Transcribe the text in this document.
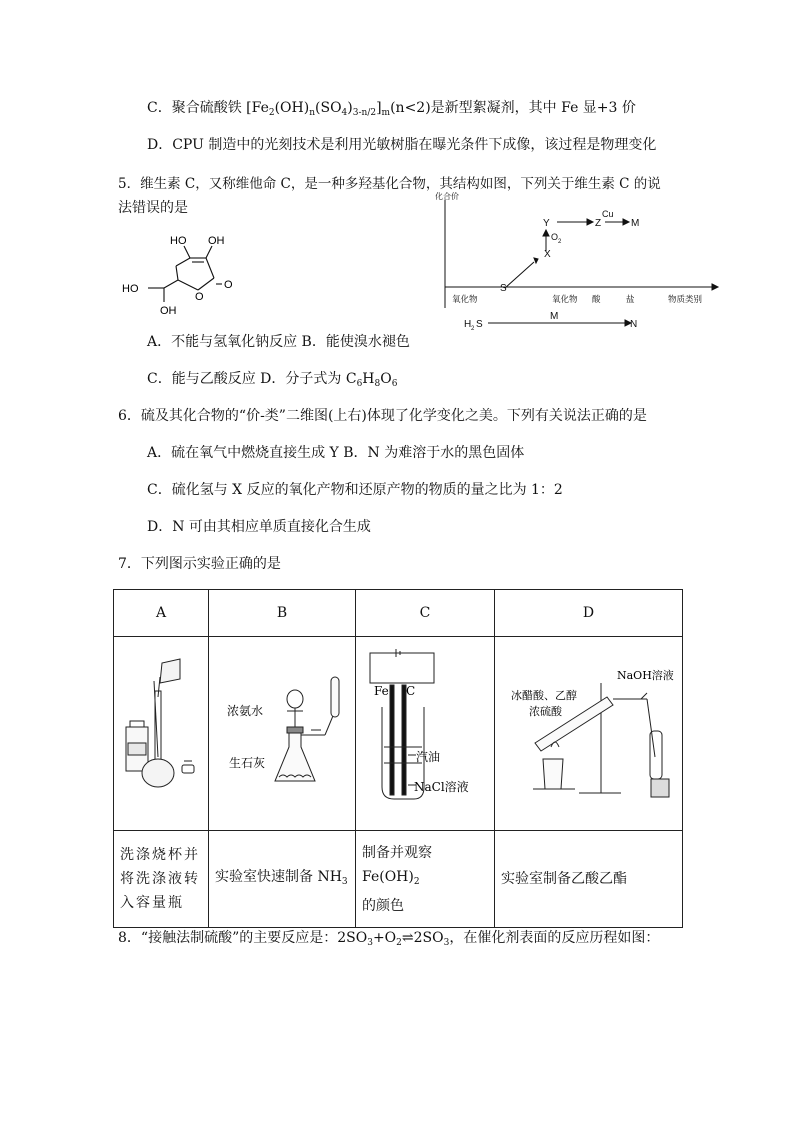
C．聚合硫酸铁 $[Fe_2(OH)_n(SO_4)_{3-n/2}]_m(n<2)$是新型絮凝剂，其中 Fe 显+3 价
D．CPU 制造中的光刻技术是利用光敏树脂在曝光条件下成像，该过程是物理变化
5．维生素 C，又称维他命 C，是一种多羟基化合物，其结构如图，下列关于维生素 C 的说
法错误的是
HO OH
HO
OH
O
O
A．不能与氢氧化钠反应 B．能使溴水褪色
C．能与乙酸反应 D．分子式为 $C_6H_8O_6$
化合价
氧化物
S
氧化物 酸	盐	物质类别
Y	Z	M
X
O 2
Cu
H 2 S
M
N
6．硫及其化合物的“价-类”二维图(上右)体现了化学变化之美。下列有关说法正确的是
A．硫在氧气中燃烧直接生成 Y B．N 为难溶于水的黑色固体
C．硫化氢与 X 反应的氧化产物和还原产物的物质的量之比为 1：2
D．N 可由其相应单质直接化合生成
7．下列图示实验正确的是
A	B	C	D

浓氨水
生石灰	Fe C
汽油
NaCl溶液	NaOH溶液
冰醋酸、乙醇
浓硫酸

洗涤烧杯并将洗涤液转入容量瓶	实验室快速制备 $NH_3$	制备并观察 $Fe(OH)_2$
的颜色	实验室制备乙酸乙酯
8．“接触法制硫酸”的主要反应是：$2SO_3+O_2\rightleftharpoons 2SO_3$，在催化剂表面的反应历程如图：
